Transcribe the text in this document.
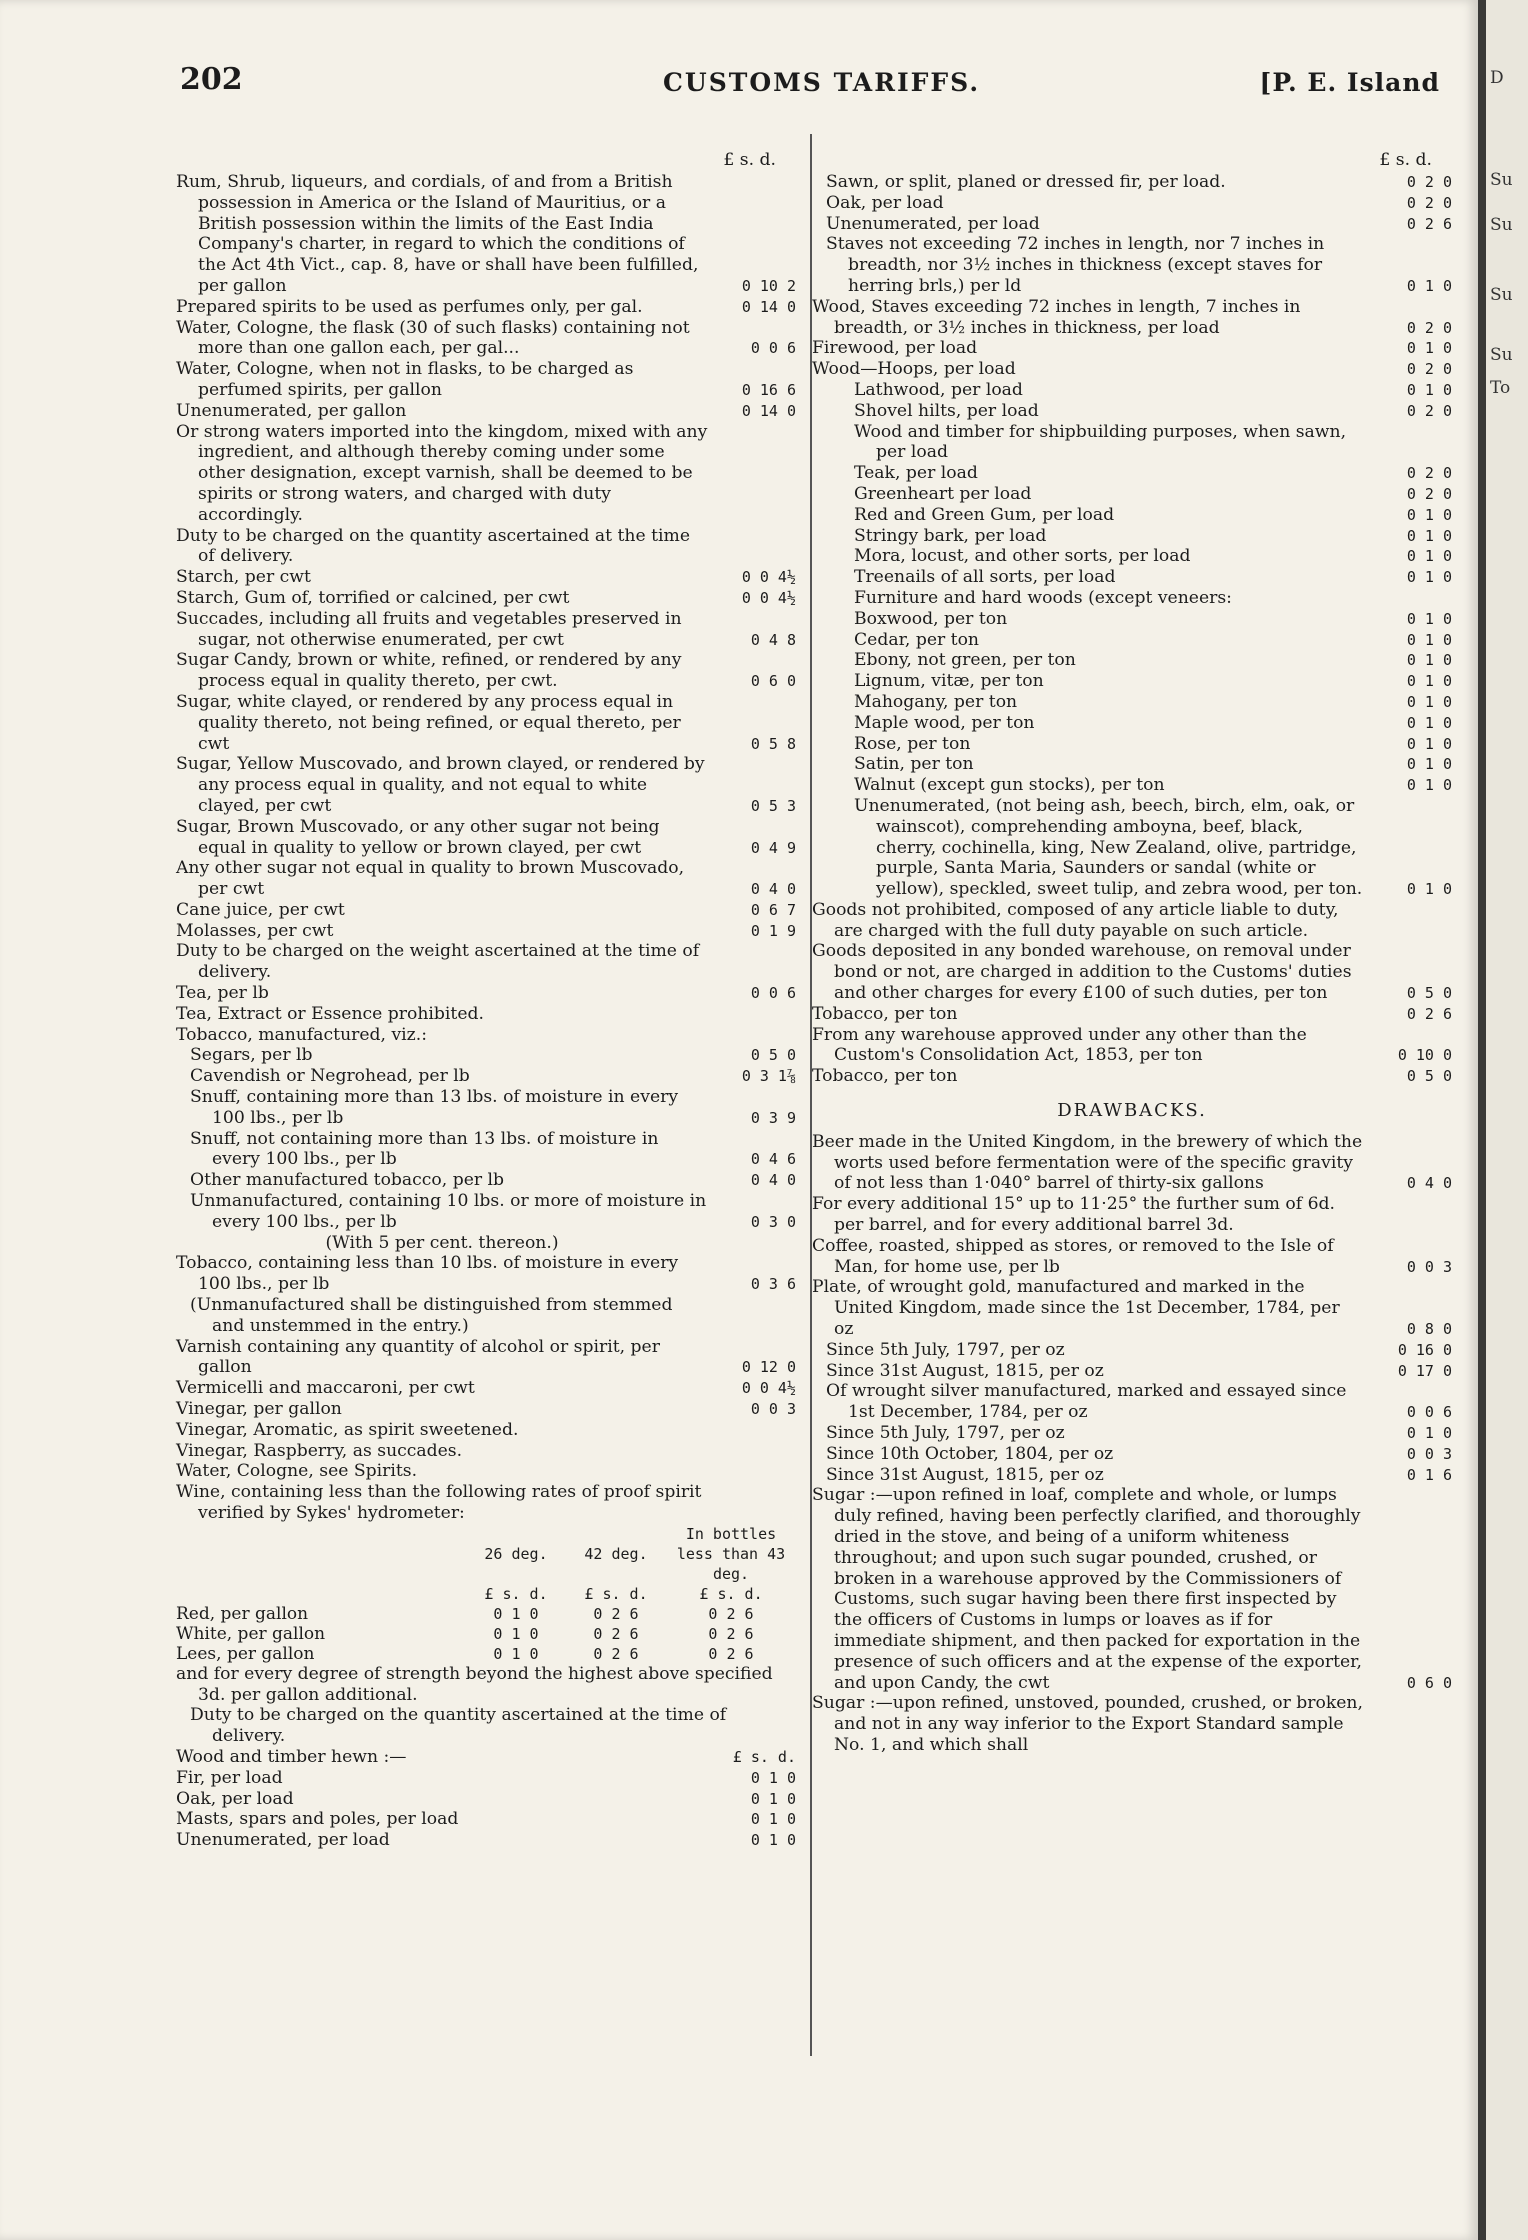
202	CUSTOMS TARIFFS.	[P. E. Island
£ s. d.
Rum, Shrub, liqueurs, and cordials, of and from a British possession in America or the Island of Mauritius, or a British possession within the limits of the East India Company's charter, in regard to which the conditions of the Act 4th Vict., cap. 8, have or shall have been fulfilled, per gallon	0 10 2
Prepared spirits to be used as perfumes only, per gal.	0 14 0
Water, Cologne, the flask (30 of such flasks) containing not more than one gallon each, per gal...	0 0 6
Water, Cologne, when not in flasks, to be charged as perfumed spirits, per gallon	0 16 6
Unenumerated, per gallon	0 14 0
Or strong waters imported into the kingdom, mixed with any ingredient, and although thereby coming under some other designation, except varnish, shall be deemed to be spirits or strong waters, and charged with duty accordingly.
Duty to be charged on the quantity ascertained at the time of delivery.
Starch, per cwt	0 0 4½
Starch, Gum of, torrified or calcined, per cwt	0 0 4½
Succades, including all fruits and vegetables preserved in sugar, not otherwise enumerated, per cwt	0 4 8
Sugar Candy, brown or white, refined, or rendered by any process equal in quality thereto, per cwt.	0 6 0
Sugar, white clayed, or rendered by any process equal in quality thereto, not being refined, or equal thereto, per cwt	0 5 8
Sugar, Yellow Muscovado, and brown clayed, or rendered by any process equal in quality, and not equal to white clayed, per cwt	0 5 3
Sugar, Brown Muscovado, or any other sugar not being equal in quality to yellow or brown clayed, per cwt	0 4 9
Any other sugar not equal in quality to brown Muscovado, per cwt	0 4 0
Cane juice, per cwt	0 6 7
Molasses, per cwt	0 1 9
Duty to be charged on the weight ascertained at the time of delivery.
Tea, per lb	0 0 6
Tea, Extract or Essence prohibited.
Tobacco, manufactured, viz.:
Segars, per lb	0 5 0
Cavendish or Negrohead, per lb	0 3 1⅞
Snuff, containing more than 13 lbs. of moisture in every 100 lbs., per lb	0 3 9
Snuff, not containing more than 13 lbs. of moisture in every 100 lbs., per lb	0 4 6
Other manufactured tobacco, per lb	0 4 0
Unmanufactured, containing 10 lbs. or more of moisture in every 100 lbs., per lb	0 3 0
(With 5 per cent. thereon.)
Tobacco, containing less than 10 lbs. of moisture in every 100 lbs., per lb	0 3 6
(Unmanufactured shall be distinguished from stemmed and unstemmed in the entry.)
Varnish containing any quantity of alcohol or spirit, per gallon	0 12 0
Vermicelli and maccaroni, per cwt	0 0 4½
Vinegar, per gallon	0 0 3
Vinegar, Aromatic, as spirit sweetened.
Vinegar, Raspberry, as succades.
Water, Cologne, see Spirits.
Wine, containing less than the following rates of proof spirit verified by Sykes' hydrometer:
	26 deg.	42 deg.	In bottles less than 43 deg.
	£ s. d.	£ s. d.	£ s. d.
Red, per gallon	0 1 0	0 2 6	0 2 6
White, per gallon	0 1 0	0 2 6	0 2 6
Lees, per gallon	0 1 0	0 2 6	0 2 6
and for every degree of strength beyond the highest above specified 3d. per gallon additional.
Duty to be charged on the quantity ascertained at the time of delivery.
Wood and timber hewn :—	£ s. d.
Fir, per load	0 1 0
Oak, per load	0 1 0
Masts, spars and poles, per load	0 1 0
Unenumerated, per load	0 1 0
£ s. d.
Sawn, or split, planed or dressed fir, per load.	0 2 0
Oak, per load	0 2 0
Unenumerated, per load	0 2 6
Staves not exceeding 72 inches in length, nor 7 inches in breadth, nor 3½ inches in thickness (except staves for herring brls,) per ld	0 1 0
Wood, Staves exceeding 72 inches in length, 7 inches in breadth, or 3½ inches in thickness, per load	0 2 0
Firewood, per load	0 1 0
Wood—Hoops, per load	0 2 0
Lathwood, per load	0 1 0
Shovel hilts, per load	0 2 0
Wood and timber for shipbuilding purposes, when sawn, per load
Teak, per load	0 2 0
Greenheart per load	0 2 0
Red and Green Gum, per load	0 1 0
Stringy bark, per load	0 1 0
Mora, locust, and other sorts, per load	0 1 0
Treenails of all sorts, per load	0 1 0
Furniture and hard woods (except veneers:
Boxwood, per ton	0 1 0
Cedar, per ton	0 1 0
Ebony, not green, per ton	0 1 0
Lignum, vitæ, per ton	0 1 0
Mahogany, per ton	0 1 0
Maple wood, per ton	0 1 0
Rose, per ton	0 1 0
Satin, per ton	0 1 0
Walnut (except gun stocks), per ton	0 1 0
Unenumerated, (not being ash, beech, birch, elm, oak, or wainscot), comprehending amboyna, beef, black, cherry, cochinella, king, New Zealand, olive, partridge, purple, Santa Maria, Saunders or sandal (white or yellow), speckled, sweet tulip, and zebra wood, per ton.	0 1 0
Goods not prohibited, composed of any article liable to duty, are charged with the full duty payable on such article.
Goods deposited in any bonded warehouse, on removal under bond or not, are charged in addition to the Customs' duties and other charges for every £100 of such duties, per ton	0 5 0
Tobacco, per ton	0 2 6
From any warehouse approved under any other than the Custom's Consolidation Act, 1853, per ton	0 10 0
Tobacco, per ton	0 5 0
DRAWBACKS.
Beer made in the United Kingdom, in the brewery of which the worts used before fermentation were of the specific gravity of not less than 1·040° barrel of thirty-six gallons	0 4 0
For every additional 15° up to 11·25° the further sum of 6d. per barrel, and for every additional barrel 3d.
Coffee, roasted, shipped as stores, or removed to the Isle of Man, for home use, per lb	0 0 3
Plate, of wrought gold, manufactured and marked in the United Kingdom, made since the 1st December, 1784, per oz	0 8 0
Since 5th July, 1797, per oz	0 16 0
Since 31st August, 1815, per oz	0 17 0
Of wrought silver manufactured, marked and essayed since 1st December, 1784, per oz	0 0 6
Since 5th July, 1797, per oz	0 1 0
Since 10th October, 1804, per oz	0 0 3
Since 31st August, 1815, per oz	0 1 6
Sugar :—upon refined in loaf, complete and whole, or lumps duly refined, having been perfectly clarified, and thoroughly dried in the stove, and being of a uniform whiteness throughout; and upon such sugar pounded, crushed, or broken in a warehouse approved by the Commissioners of Customs, such sugar having been there first inspected by the officers of Customs in lumps or loaves as if for immediate shipment, and then packed for exportation in the presence of such officers and at the expense of the exporter, and upon Candy, the cwt	0 6 0
Sugar :—upon refined, unstoved, pounded, crushed, or broken, and not in any way inferior to the Export Standard sample No. 1, and which shall
D
Su
Su
Su
Su
To
